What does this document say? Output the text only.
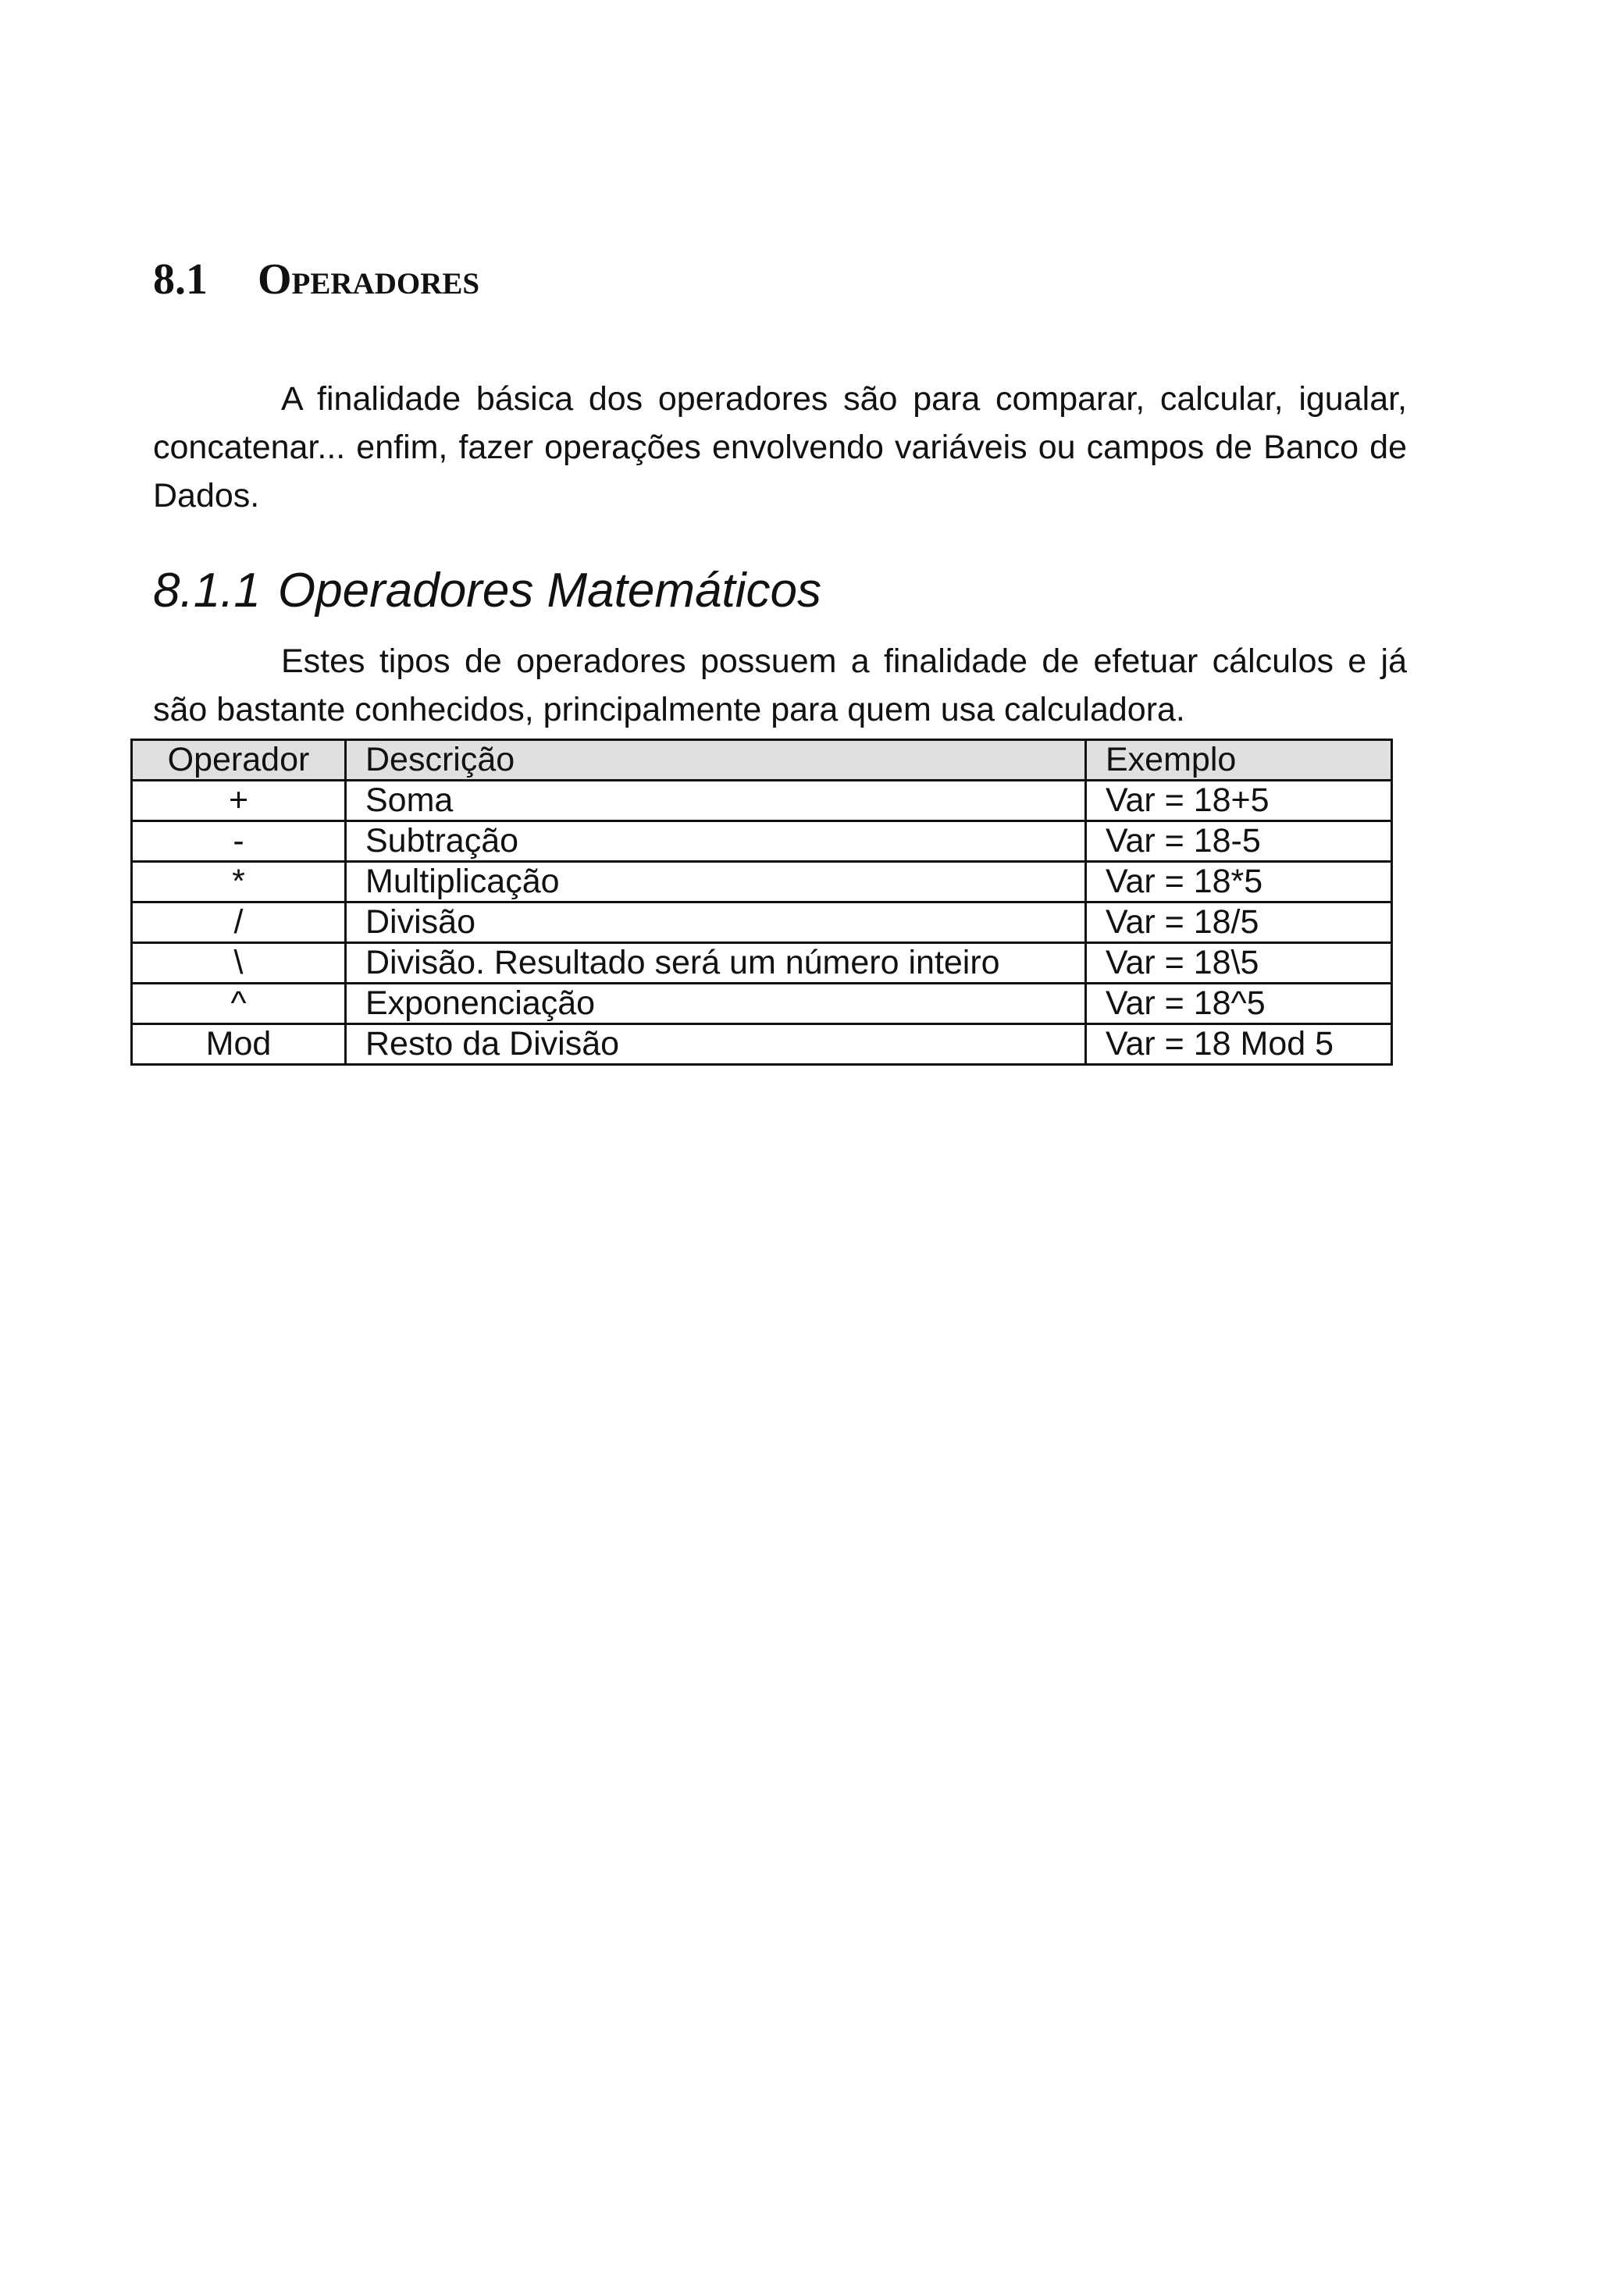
8.1 Operadores

A finalidade básica dos operadores são para comparar, calcular, igualar, concatenar... enfim, fazer operações envolvendo variáveis ou campos de Banco de Dados.

8.1.1 Operadores Matemáticos

Estes tipos de operadores possuem a finalidade de efetuar cálculos e já são bastante conhecidos, principalmente para quem usa calculadora.

Operador	Descrição	Exemplo
+	Soma	Var = 18+5
-	Subtração	Var = 18-5
*	Multiplicação	Var = 18*5
/	Divisão	Var = 18/5
\	Divisão. Resultado será um número inteiro	Var = 18\5
^	Exponenciação	Var = 18^5
Mod	Resto da Divisão	Var = 18 Mod 5
